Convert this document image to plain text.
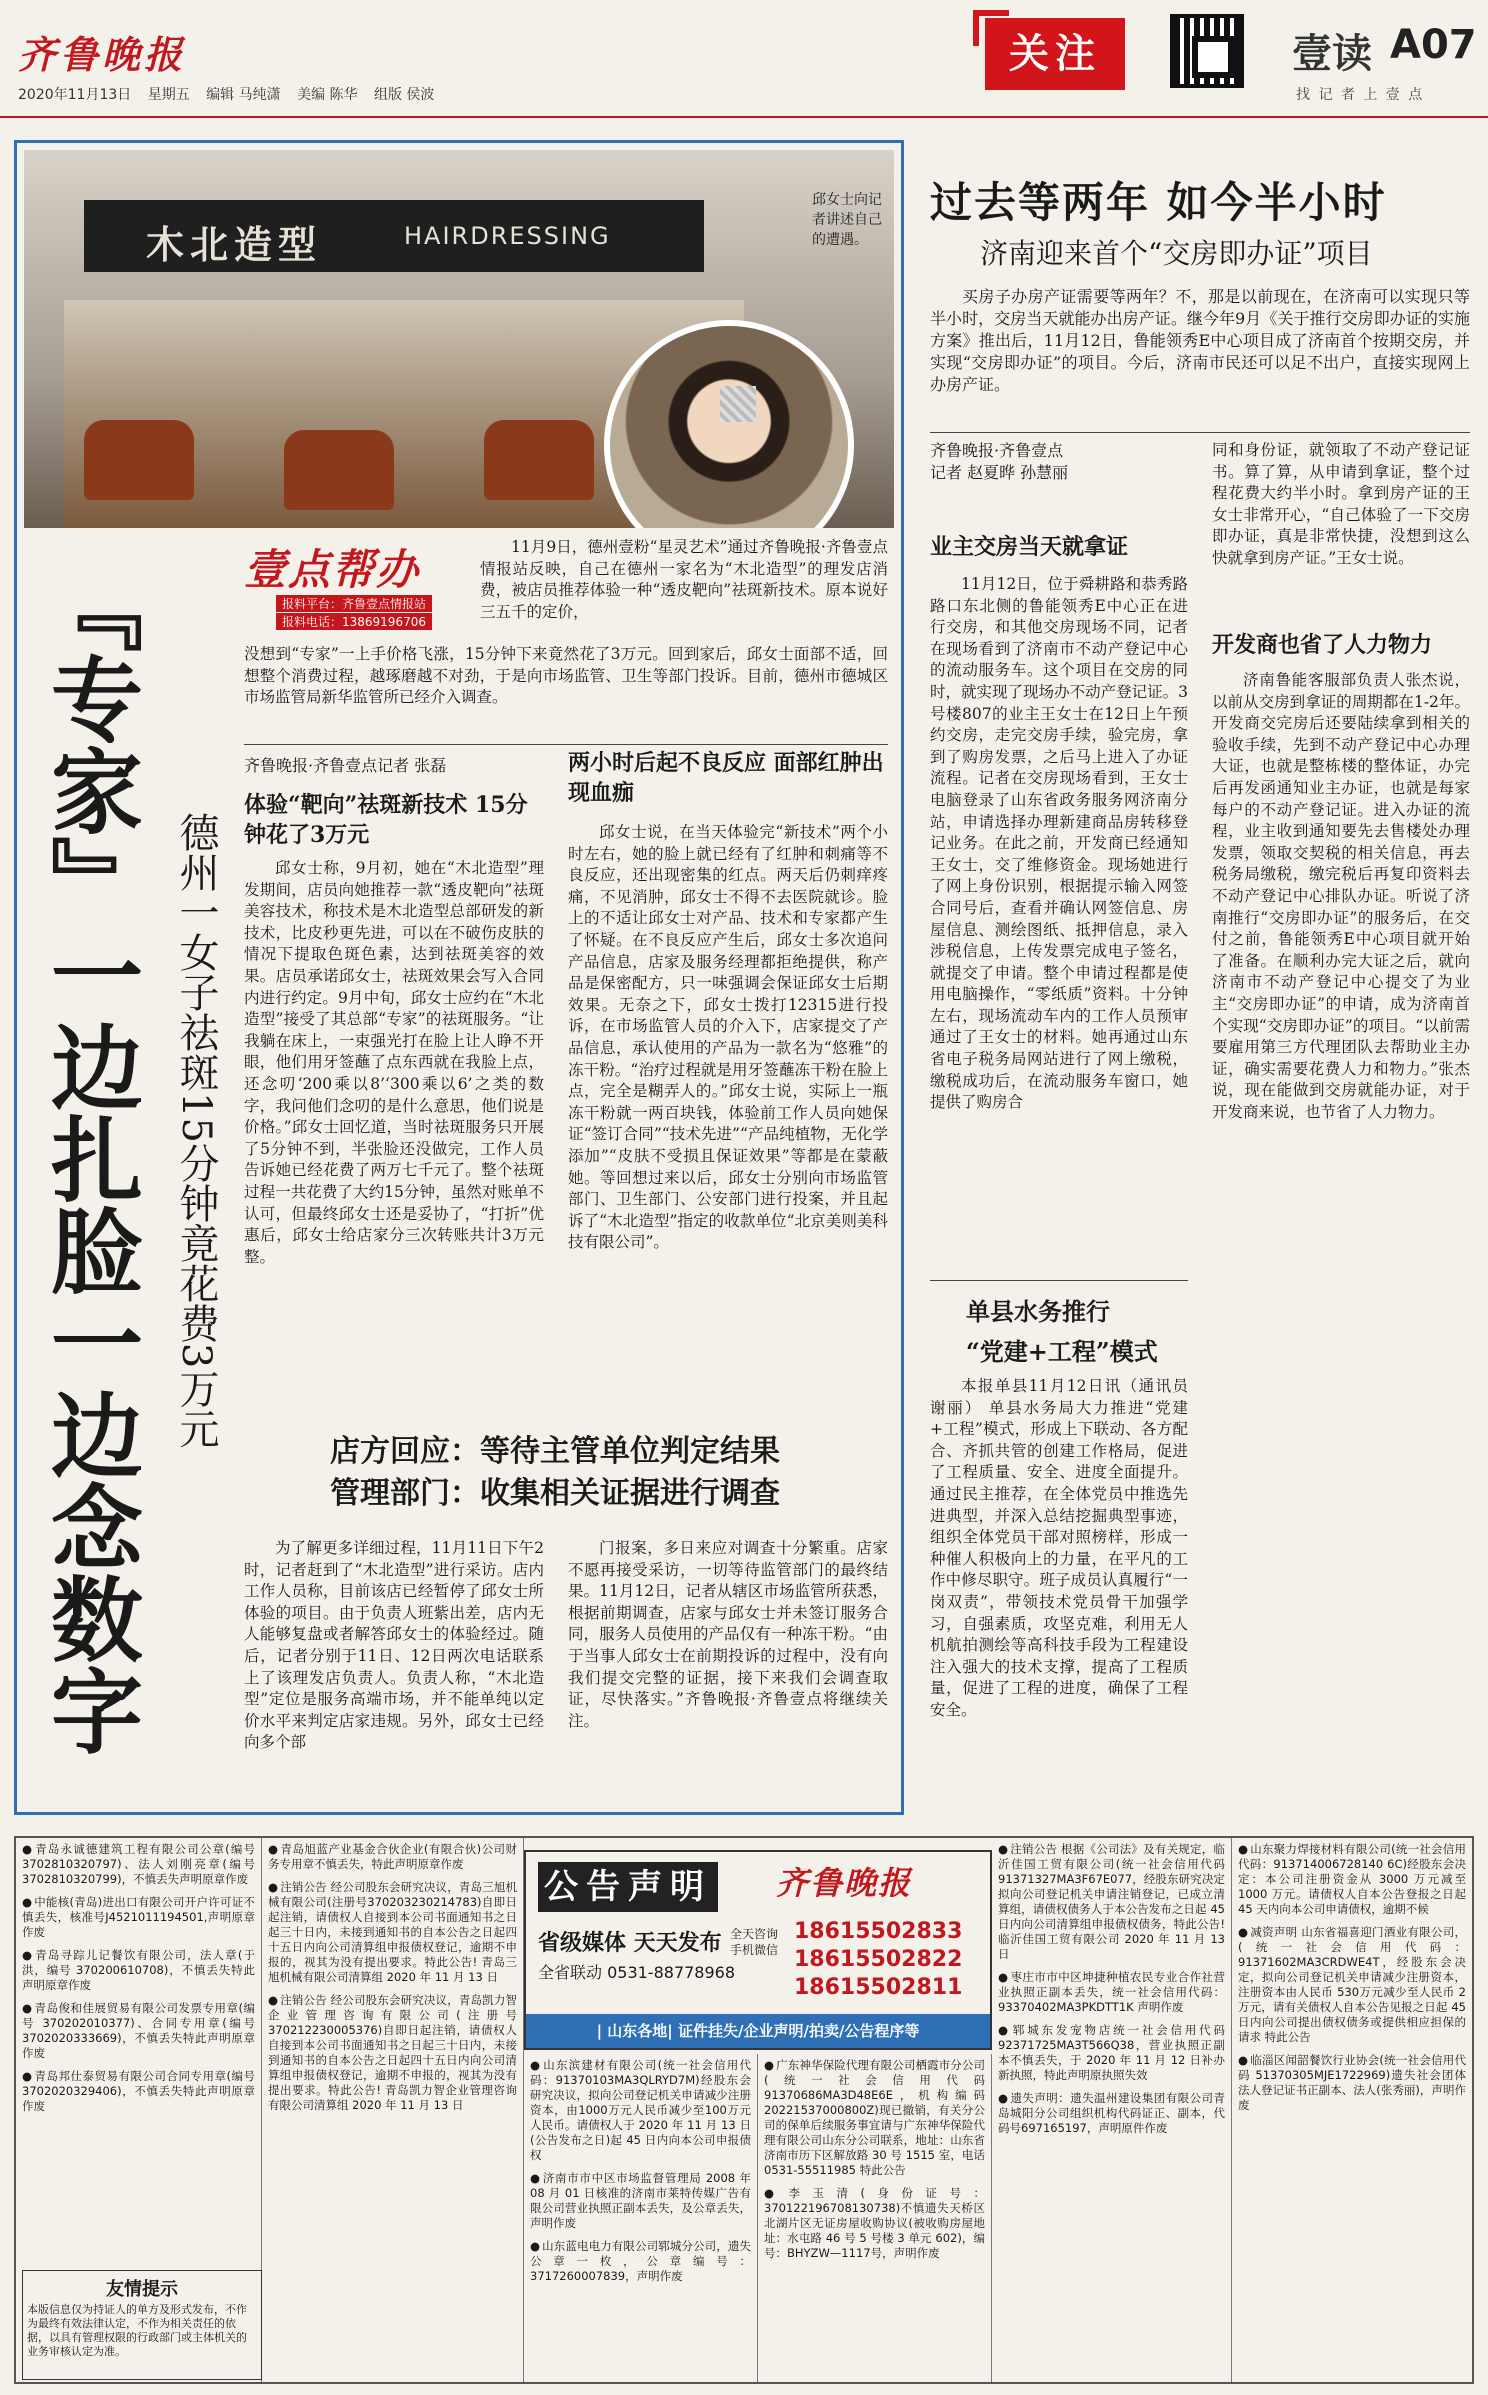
齐鲁晚报
2020年11月13日 星期五 编辑 马纯潇 美编 陈华 组版 侯波
关注	壹读 A07
找 记 者 上 壹 点
木北造型	HAIRDRESSING
邱女士向记者讲述自己的遭遇。
『专家』一边扎脸一边念数字 德州一女子祛斑15分钟竟花费3万元
壹点帮办
报料平台：齐鲁壹点情报站
报料电话：13869196706
11月9日，德州壹粉“星灵艺术”通过齐鲁晚报·齐鲁壹点情报站反映，自己在德州一家名为“木北造型”的理发店消费，被店员推荐体验一种“透皮靶向”祛斑新技术。原本说好三五千的定价，
没想到“专家”一上手价格飞涨，15分钟下来竟然花了3万元。回到家后，邱女士面部不适，回想整个消费过程，越琢磨越不对劲，于是向市场监管、卫生等部门投诉。目前，德州市德城区市场监管局新华监管所已经介入调查。
齐鲁晚报·齐鲁壹点记者 张磊
体验“靶向”祛斑新技术 15分钟花了3万元
邱女士称，9月初，她在“木北造型”理发期间，店员向她推荐一款“透皮靶向”祛斑美容技术，称技术是木北造型总部研发的新技术，比皮秒更先进，可以在不破伤皮肤的情况下提取色斑色素，达到祛斑美容的效果。店员承诺邱女士，祛斑效果会写入合同内进行约定。9月中旬，邱女士应约在“木北造型”接受了其总部“专家”的祛斑服务。“让我躺在床上，一束强光打在脸上让人睁不开眼，他们用牙签蘸了点东西就在我脸上点，还念叨‘200乘以8’‘300乘以6’之类的数字，我问他们念叨的是什么意思，他们说是价格。”邱女士回忆道，当时祛斑服务只开展了5分钟不到，半张脸还没做完，工作人员告诉她已经花费了两万七千元了。整个祛斑过程一共花费了大约15分钟，虽然对账单不认可，但最终邱女士还是妥协了，“打折”优惠后，邱女士给店家分三次转账共计3万元整。
两小时后起不良反应 面部红肿出现血痂
邱女士说，在当天体验完“新技术”两个小时左右，她的脸上就已经有了红肿和刺痛等不良反应，还出现密集的红点。两天后仍刺痒疼痛，不见消肿，邱女士不得不去医院就诊。脸上的不适让邱女士对产品、技术和专家都产生了怀疑。在不良反应产生后，邱女士多次追问产品信息，店家及服务经理都拒绝提供，称产品是保密配方，只一味强调会保证邱女士后期效果。无奈之下，邱女士拨打12315进行投诉，在市场监管人员的介入下，店家提交了产品信息，承认使用的产品为一款名为“悠雅”的冻干粉。“治疗过程就是用牙签蘸冻干粉在脸上点，完全是糊弄人的。”邱女士说，实际上一瓶冻干粉就一两百块钱，体验前工作人员向她保证“签订合同”“技术先进”“产品纯植物，无化学添加”“皮肤不受损且保证效果”等都是在蒙蔽她。等回想过来以后，邱女士分别向市场监管部门、卫生部门、公安部门进行投案，并且起诉了“木北造型”指定的收款单位“北京美则美科技有限公司”。
店方回应：等待主管单位判定结果
管理部门：收集相关证据进行调查
为了解更多详细过程，11月11日下午2时，记者赶到了“木北造型”进行采访。店内工作人员称，目前该店已经暂停了邱女士所体验的项目。由于负责人班紫出差，店内无人能够复盘或者解答邱女士的体验经过。随后，记者分别于11日、12日两次电话联系上了该理发店负责人。负责人称，“木北造型”定位是服务高端市场，并不能单纯以定价水平来判定店家违规。另外，邱女士已经向多个部
门报案，多日来应对调查十分繁重。店家不愿再接受采访，一切等待监管部门的最终结果。11月12日，记者从辖区市场监管所获悉，根据前期调查，店家与邱女士并未签订服务合同，服务人员使用的产品仅有一种冻干粉。“由于当事人邱女士在前期投诉的过程中，没有向我们提交完整的证据，接下来我们会调查取证，尽快落实。”齐鲁晚报·齐鲁壹点将继续关注。
过去等两年 如今半小时
济南迎来首个“交房即办证”项目
买房子办房产证需要等两年？不，那是以前现在，在济南可以实现只等半小时，交房当天就能办出房产证。继今年9月《关于推行交房即办证的实施方案》推出后，11月12日，鲁能领秀E中心项目成了济南首个按期交房，并实现“交房即办证”的项目。今后，济南市民还可以足不出户，直接实现网上办房产证。
齐鲁晚报·齐鲁壹点
记者 赵夏晔 孙慧丽
业主交房当天就拿证
11月12日，位于舜耕路和恭秀路路口东北侧的鲁能领秀E中心正在进行交房，和其他交房现场不同，记者在现场看到了济南市不动产登记中心的流动服务车。这个项目在交房的同时，就实现了现场办不动产登记证。3号楼807的业主王女士在12日上午预约交房，走完交房手续，验完房，拿到了购房发票，之后马上进入了办证流程。记者在交房现场看到，王女士电脑登录了山东省政务服务网济南分站，申请选择办理新建商品房转移登记业务。在此之前，开发商已经通知王女士，交了维修资金。现场她进行了网上身份识别，根据提示输入网签合同号后，查看并确认网签信息、房屋信息、测绘图纸、抵押信息，录入涉税信息，上传发票完成电子签名，就提交了申请。整个申请过程都是使用电脑操作，“零纸质”资料。十分钟左右，现场流动车内的工作人员预审通过了王女士的材料。她再通过山东省电子税务局网站进行了网上缴税，缴税成功后，在流动服务车窗口，她提供了购房合
同和身份证，就领取了不动产登记证书。算了算，从申请到拿证，整个过程花费大约半小时。拿到房产证的王女士非常开心，“自己体验了一下交房即办证，真是非常快捷，没想到这么快就拿到房产证。”王女士说。
开发商也省了人力物力
济南鲁能客服部负责人张杰说，以前从交房到拿证的周期都在1-2年。开发商交完房后还要陆续拿到相关的验收手续，先到不动产登记中心办理大证，也就是整栋楼的整体证，办完后再发函通知业主办证，也就是每家每户的不动产登记证。进入办证的流程，业主收到通知要先去售楼处办理发票，领取交契税的相关信息，再去税务局缴税，缴完税后再复印资料去不动产登记中心排队办证。听说了济南推行“交房即办证”的服务后，在交付之前，鲁能领秀E中心项目就开始了准备。在顺利办完大证之后，就向济南市不动产登记中心提交了为业主“交房即办证”的申请，成为济南首个实现“交房即办证”的项目。“以前需要雇用第三方代理团队去帮助业主办证，确实需要花费人力和物力。”张杰说，现在能做到交房就能办证，对于开发商来说，也节省了人力物力。
单县水务推行
“党建+工程”模式
本报单县11月12日讯（通讯员 谢丽） 单县水务局大力推进“党建+工程”模式，形成上下联动、各方配合、齐抓共管的创建工作格局，促进了工程质量、安全、进度全面提升。通过民主推荐，在全体党员中推选先进典型，并深入总结挖掘典型事迹，组织全体党员干部对照榜样，形成一种催人积极向上的力量，在平凡的工作中修尽职守。班子成员认真履行“一岗双责”，带领技术党员骨干加强学习，自强素质，攻坚克难，利用无人机航拍测绘等高科技手段为工程建设注入强大的技术支撑，提高了工程质量，促进了工程的进度，确保了工程安全。
● 青岛永诚德建筑工程有限公司公章(编号 3702810320797)、法人刘刚亮章(编号 3702810320799)，不慎丢失声明原章作废
● 中能核(青岛)进出口有限公司开户许可证不慎丢失，核准号J4521011194501,声明原章作废
● 青岛寻踪儿记餐饮有限公司，法人章(于洪，编号 370200610708)，不慎丢失特此声明原章作废
● 青岛俊和佳展贸易有限公司发票专用章(编号 370202010377)、合同专用章(编号 3702020333669)，不慎丢失特此声明原章作废
● 青岛邦仕泰贸易有限公司合同专用章(编号 3702020329406)，不慎丢失特此声明原章作废
● 青岛旭蓝产业基金合伙企业(有限合伙)公司财务专用章不慎丢失，特此声明原章作废
● 注销公告 经公司股东会研究决议，青岛三旭机械有限公司(注册号370203230214783)自即日起注销，请债权人自接到本公司书面通知书之日起三十日内，未接到通知书的自本公告之日起四十五日内向公司清算组申报债权登记，逾期不申报的，视其为没有提出要求。特此公告! 青岛三旭机械有限公司清算组 2020 年 11 月 13 日
● 注销公告 经公司股东会研究决议，青岛凯力智企业管理咨询有限公司(注册号370212230005376)自即日起注销，请债权人自接到本公司书面通知书之日起三十日内，未接到通知书的自本公告之日起四十五日内向公司清算组申报债权登记，逾期不申报的，视其为没有提出要求。特此公告! 青岛凯力智企业管理咨询有限公司清算组 2020 年 11 月 13 日
● 山东滨建材有限公司(统一社会信用代码：91370103MA3QLRYD7M)经股东会研究决议，拟向公司登记机关申请减少注册资本，由1000万元人民币减少至100万元人民币。请债权人于 2020 年 11 月 13 日(公告发布之日)起 45 日内向本公司申报债权
● 济南市市中区市场监督管理局 2008 年 08 月 01 日核准的济南市莱特传媒广告有限公司营业执照正副本丢失，及公章丢失，声明作废
● 山东蓝电电力有限公司郓城分公司，遗失公章一枚，公章编号：3717260007839，声明作废
● 广东神华保险代理有限公司栖霞市分公司(统一社会信用代码91370686MA3D48E6E，机构编码 20221537000800Z)现已撤销，有关分公司的保单后续服务事宜请与广东神华保险代理有限公司山东分公司联系，地址：山东省济南市历下区解放路 30 号 1515 室，电话0531-55511985 特此公告
● 李玉清(身份证号：370122196708130738)不慎遗失天桥区北湖片区无证房屋收购协议(被收购房屋地址：水屯路 46 号 5 号楼 3 单元 602)，编号：BHYZW—1117号，声明作废
● 注销公告 根据《公司法》及有关规定，临沂佳国工贸有限公司(统一社会信用代码 91371327MA3F67E077，经股东研究决定拟向公司登记机关申请注销登记，已成立清算组，请债权债务人于本公告发布之日起 45 日内向公司清算组申报债权债务，特此公告! 临沂佳国工贸有限公司 2020 年 11 月 13 日
● 枣庄市市中区坤捷种植农民专业合作社营业执照正副本丢失，统一社会信用代码：93370402MA3PKDTT1K 声明作废
● 郓城东发宠物店统一社会信用代码 92371725MA3T566Q38，营业执照正副本不慎丢失，于 2020 年 11 月 12 日补办新执照，特此声明原执照失效
● 遗失声明：遗失温州建设集团有限公司青岛城阳分公司组织机构代码证正、副本，代码号697165197，声明原件作废
● 山东聚力焊接材料有限公司(统一社会信用代码：913714006728140 6C)经股东会决定：本公司注册资金从 3000 万元减至 1000 万元。请债权人自本公告登报之日起 45 天内向本公司申请债权，逾期不候
● 减资声明 山东省福喜迎门酒业有限公司，(统一社会信用代码：91371602MA3CRDWE4T，经股东会决定，拟向公司登记机关申请减少注册资本，注册资本由人民币 530万元减少至人民币 2万元，请有关债权人自本公告见报之日起 45 日内向公司提出债权债务或提供相应担保的请求 特此公告
● 临淄区闻韶餐饮行业协会(统一社会信用代码 51370305MJE1722969)遗失社会团体法人登记证书正副本、法人(张秀丽)，声明作废
公告声明 齐鲁晚报
省级媒体 天天发布
全省联动 0531-88778968
全天咨询 手机微信
18615502833
18615502822
18615502811
| 山东各地| 证件挂失/企业声明/拍卖/公告程序等
友情提示
本版信息仅为持证人的单方及形式发布，不作为最终有效法律认定，不作为相关责任的依据，以具有管理权限的行政部门或主体机关的业务审核认定为准。
